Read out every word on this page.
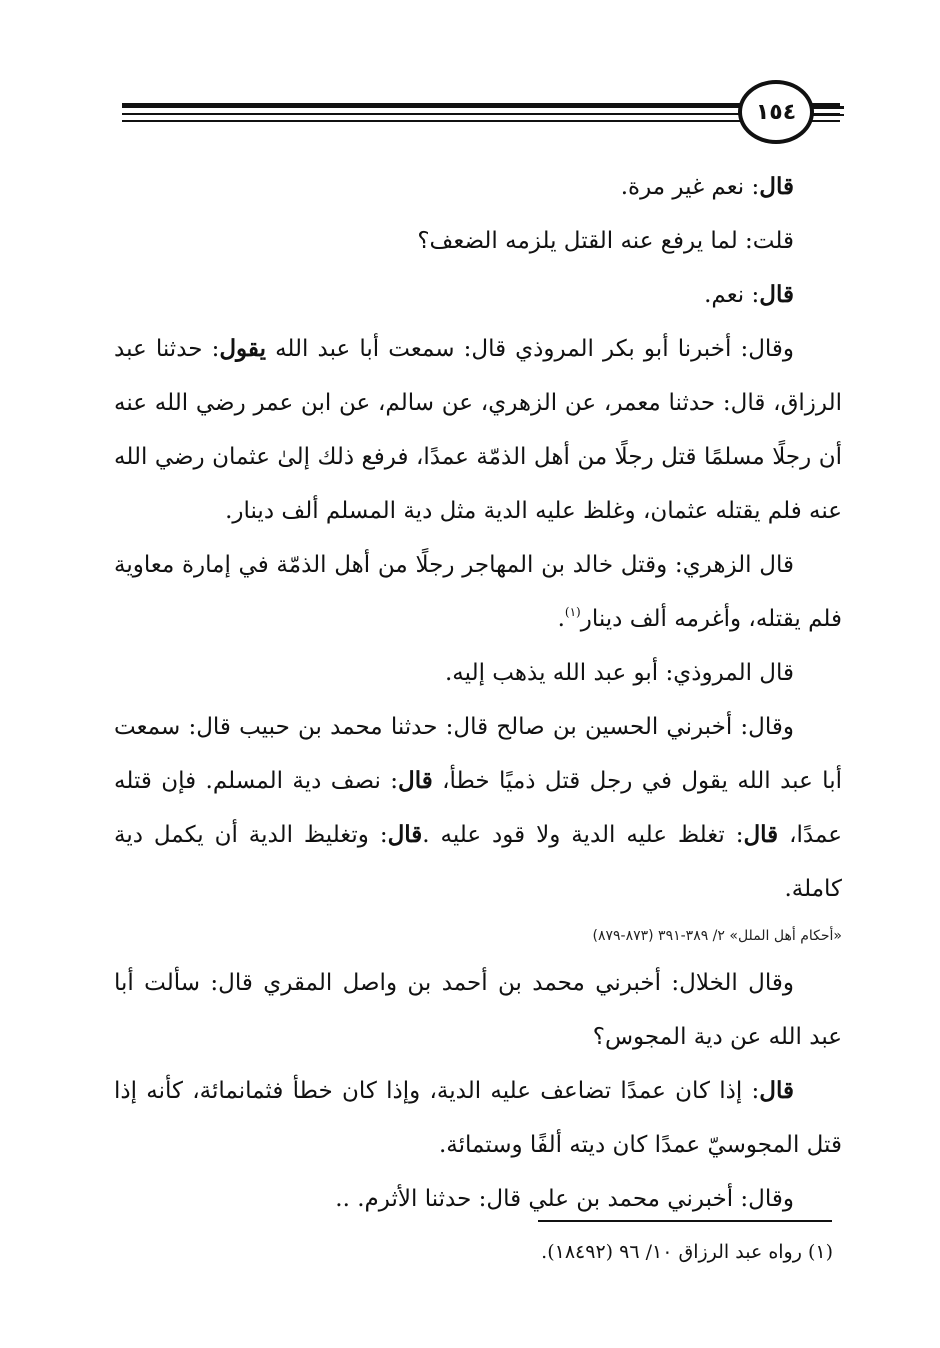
١٥٤

قال: نعم غير مرة.

قلت: لما يرفع عنه القتل يلزمه الضعف؟

قال: نعم.

وقال: أخبرنا أبو بكر المروذي قال: سمعت أبا عبد الله يقول: حدثنا عبد الرزاق، قال: حدثنا معمر، عن الزهري، عن سالم، عن ابن عمر رضي الله عنه أن رجلًا مسلمًا قتل رجلًا من أهل الذمّة عمدًا، فرفع ذلك إلىٰ عثمان رضي الله عنه فلم يقتله عثمان، وغلظ عليه الدية مثل دية المسلم ألف دينار.

قال الزهري: وقتل خالد بن المهاجر رجلًا من أهل الذمّة في إمارة معاوية فلم يقتله، وأغرمه ألف دينار$^{(١)}$.

قال المروذي: أبو عبد الله يذهب إليه.

وقال: أخبرني الحسين بن صالح قال: حدثنا محمد بن حبيب قال: سمعت أبا عبد الله يقول في رجل قتل ذميًا خطأ، قال: نصف دية المسلم. فإن قتله عمدًا، قال: تغلظ عليه الدية ولا قود عليه .قال: وتغليظ الدية أن يكمل دية كاملة.

«أحكام أهل الملل» ٢/ ٣٨٩-٣٩١ (٨٧٣-٨٧٩)

وقال الخلال: أخبرني محمد بن أحمد بن واصل المقري قال: سألت أبا عبد الله عن دية المجوس؟

قال: إذا كان عمدًا تضاعف عليه الدية، وإذا كان خطأ فثمانمائة، كأنه إذا قتل المجوسيّ عمدًا كان ديته ألفًا وستمائة.

وقال: أخبرني محمد بن علي قال: حدثنا الأثرم. ..

(١) رواه عبد الرزاق ١٠/ ٩٦ (١٨٤٩٢).
